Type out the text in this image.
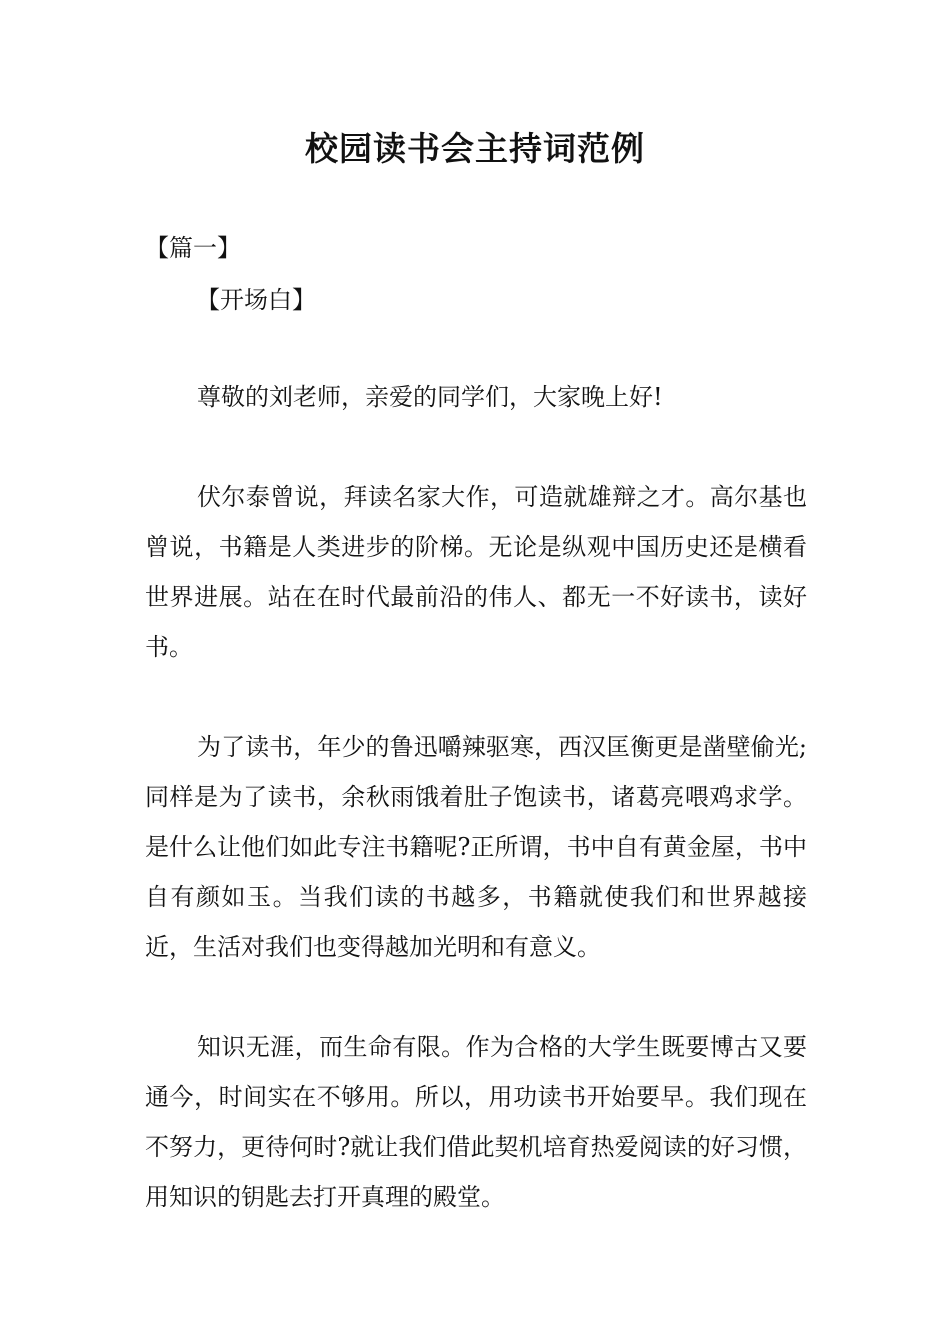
校园读书会主持词范例
【篇一】
【开场白】

尊敬的刘老师，亲爱的同学们，大家晚上好!

伏尔泰曾说，拜读名家大作，可造就雄辩之才。高尔基也曾说，书籍是人类进步的阶梯。无论是纵观中国历史还是横看世界进展。站在在时代最前沿的伟人、都无一不好读书，读好书。

为了读书，年少的鲁迅嚼辣驱寒，西汉匡衡更是凿壁偷光;同样是为了读书，余秋雨饿着肚子饱读书，诸葛亮喂鸡求学。是什么让他们如此专注书籍呢?正所谓，书中自有黄金屋，书中自有颜如玉。当我们读的书越多，书籍就使我们和世界越接近，生活对我们也变得越加光明和有意义。

知识无涯，而生命有限。作为合格的大学生既要博古又要通今，时间实在不够用。所以，用功读书开始要早。我们现在不努力，更待何时?就让我们借此契机培育热爱阅读的好习惯，用知识的钥匙去打开真理的殿堂。
